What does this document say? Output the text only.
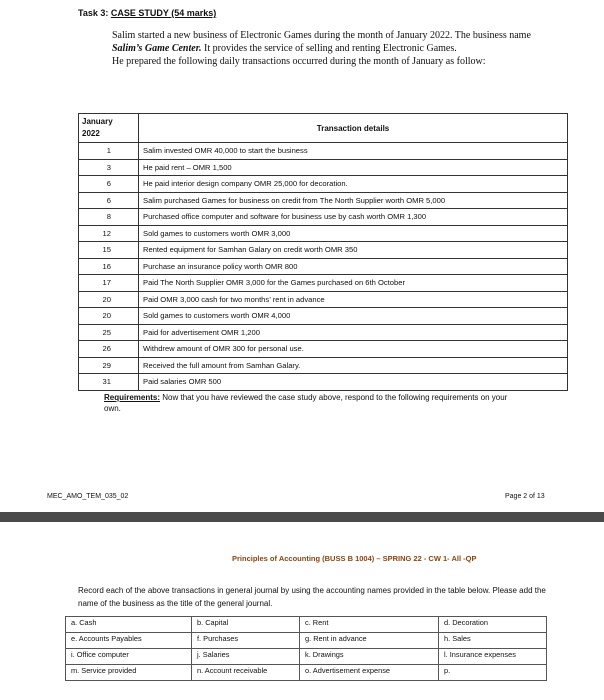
Task 3: CASE STUDY (54 marks)

Salim started a new business of Electronic Games during the month of January 2022. The business name Salim’s Game Center. It provides the service of selling and renting Electronic Games.

He prepared the following daily transactions occurred during the month of January as follow:

January
2022	Transaction details
1	Salim invested OMR 40,000 to start the business
3	He paid rent – OMR 1,500
6	He paid interior design company OMR 25,000 for decoration.
6	Salim purchased Games for business on credit from The North Supplier worth OMR 5,000
8	Purchased office computer and software for business use by cash worth OMR 1,300
12	Sold games to customers worth OMR 3,000
15	Rented equipment for Samhan Galary on credit worth OMR 350
16	Purchase an insurance policy worth OMR 800
17	Paid The North Supplier OMR 3,000 for the Games purchased on 6th October
20	Paid OMR 3,000 cash for two months’ rent in advance
20	Sold games to customers worth OMR 4,000
25	Paid for advertisement OMR 1,200
26	Withdrew amount of OMR 300 for personal use.
29	Received the full amount from Samhan Galary.
31	Paid salaries OMR 500
Requirements: Now that you have reviewed the case study above, respond to the following requirements on your own.
MEC_AMO_TEM_035_02	Page 2 of 13
Principles of Accounting (BUSS B 1004) – SPRING 22 - CW 1- All -QP
Record each of the above transactions in general journal by using the accounting names provided in the table below. Please add the name of the business as the title of the general journal.
a. Cash	b. Capital	c. Rent	d. Decoration
e. Accounts Payables	f. Purchases	g. Rent in advance	h. Sales
i. Office computer	j. Salaries	k. Drawings	l. Insurance expenses
m. Service provided	n. Account receivable	o. Advertisement expense	p.
